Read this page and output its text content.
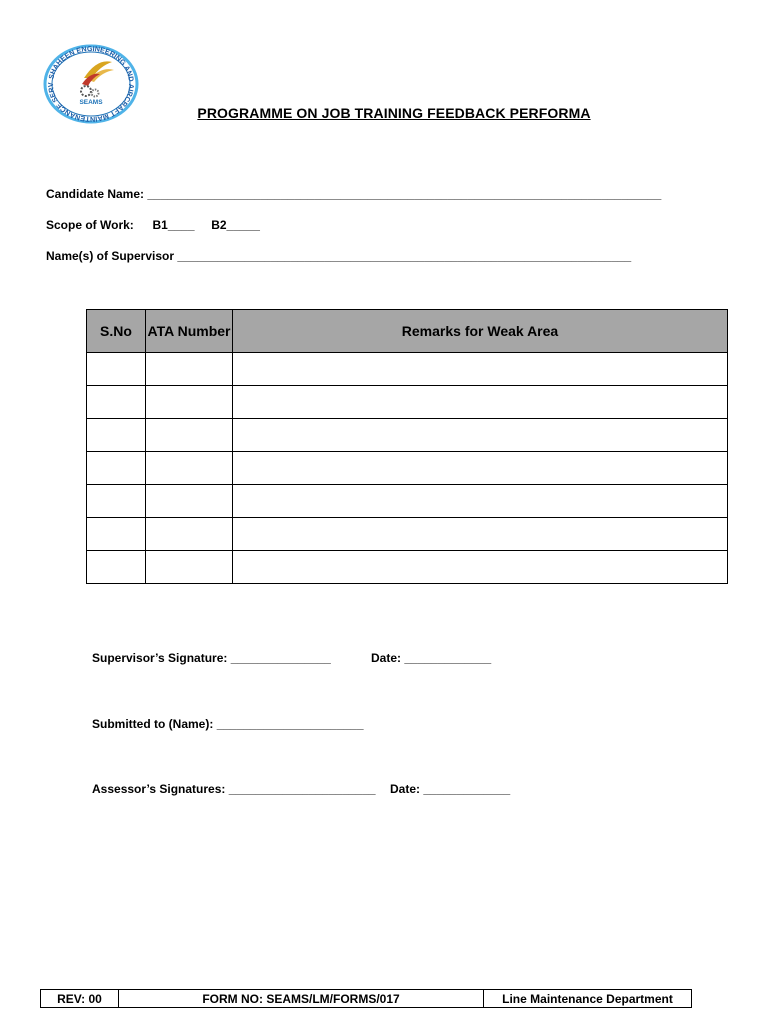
SHAHEEN ENGINEERING AND AIRCRAFT MAINTENANCE SERV
SEAMS
PROGRAMME ON JOB TRAINING FEEDBACK PERFORMA
Candidate Name: _____________________________________________________________________________
Scope of Work: B1____ B2_____
Name(s) of Supervisor ____________________________________________________________________
S.No	ATA Number	Remarks for Weak Area

Supervisor’s Signature: _______________	Date: _____________
Submitted to (Name): ______________________
Assessor’s Signatures: ______________________ Date: _____________
REV: 00	FORM NO: SEAMS/LM/FORMS/017	Line Maintenance Department
